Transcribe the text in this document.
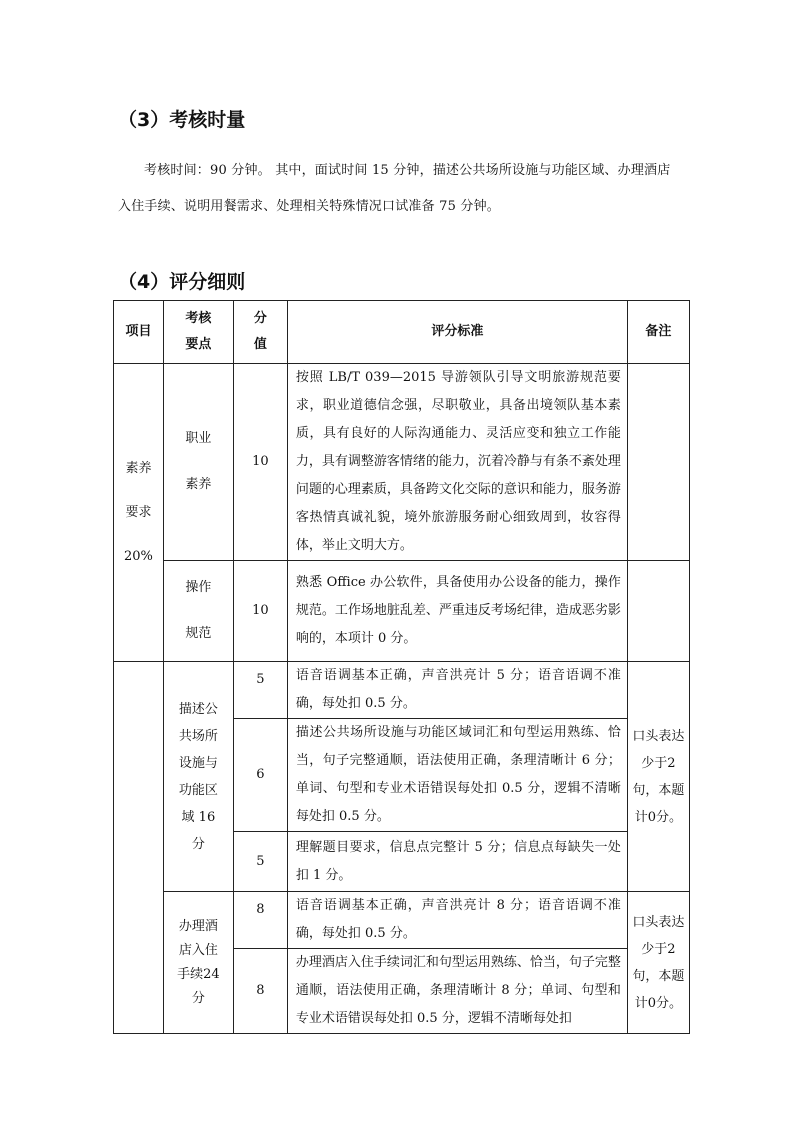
（3）考核时量
考核时间：90 分钟。 其中，面试时间 15 分钟，描述公共场所设施与功能区域、办理酒店入住手续、说明用餐需求、处理相关特殊情况口试准备 75 分钟。
（4）评分细则
项目	考核要点	分值	评分标准	备注
素养要求20%	职业素养	10	按照 LB/T 039—2015 导游领队引导文明旅游规范要求，职业道德信念强，尽职敬业，具备出境领队基本素质，具有良好的人际沟通能力、灵活应变和独立工作能力，具有调整游客情绪的能力，沉着冷静与有条不紊处理问题的心理素质，具备跨文化交际的意识和能力，服务游客热情真诚礼貌，境外旅游服务耐心细致周到，妆容得体，举止文明大方。	
	操作规范	10	熟悉 Office 办公软件，具备使用办公设备的能力，操作规范。工作场地脏乱差、严重违反考场纪律，造成恶劣影响的，本项计 0 分。	
	描述公共场所设施与功能区域 16 分	5	语音语调基本正确，声音洪亮计 5 分；语音语调不准确，每处扣 0.5 分。	口头表达少于2句，本题计0分。
		6	描述公共场所设施与功能区域词汇和句型运用熟练、恰当，句子完整通顺，语法使用正确，条理清晰计 6 分；单词、句型和专业术语错误每处扣 0.5 分，逻辑不清晰每处扣 0.5 分。	
		5	理解题目要求，信息点完整计 5 分；信息点每缺失一处扣 1 分。	
	办理酒店入住手续24 分	8	语音语调基本正确，声音洪亮计 8 分；语音语调不准确，每处扣 0.5 分。	口头表达少于2句，本题计0分。
		8	办理酒店入住手续词汇和句型运用熟练、恰当，句子完整通顺，语法使用正确，条理清晰计 8 分；单词、句型和专业术语错误每处扣 0.5 分，逻辑不清晰每处扣	
